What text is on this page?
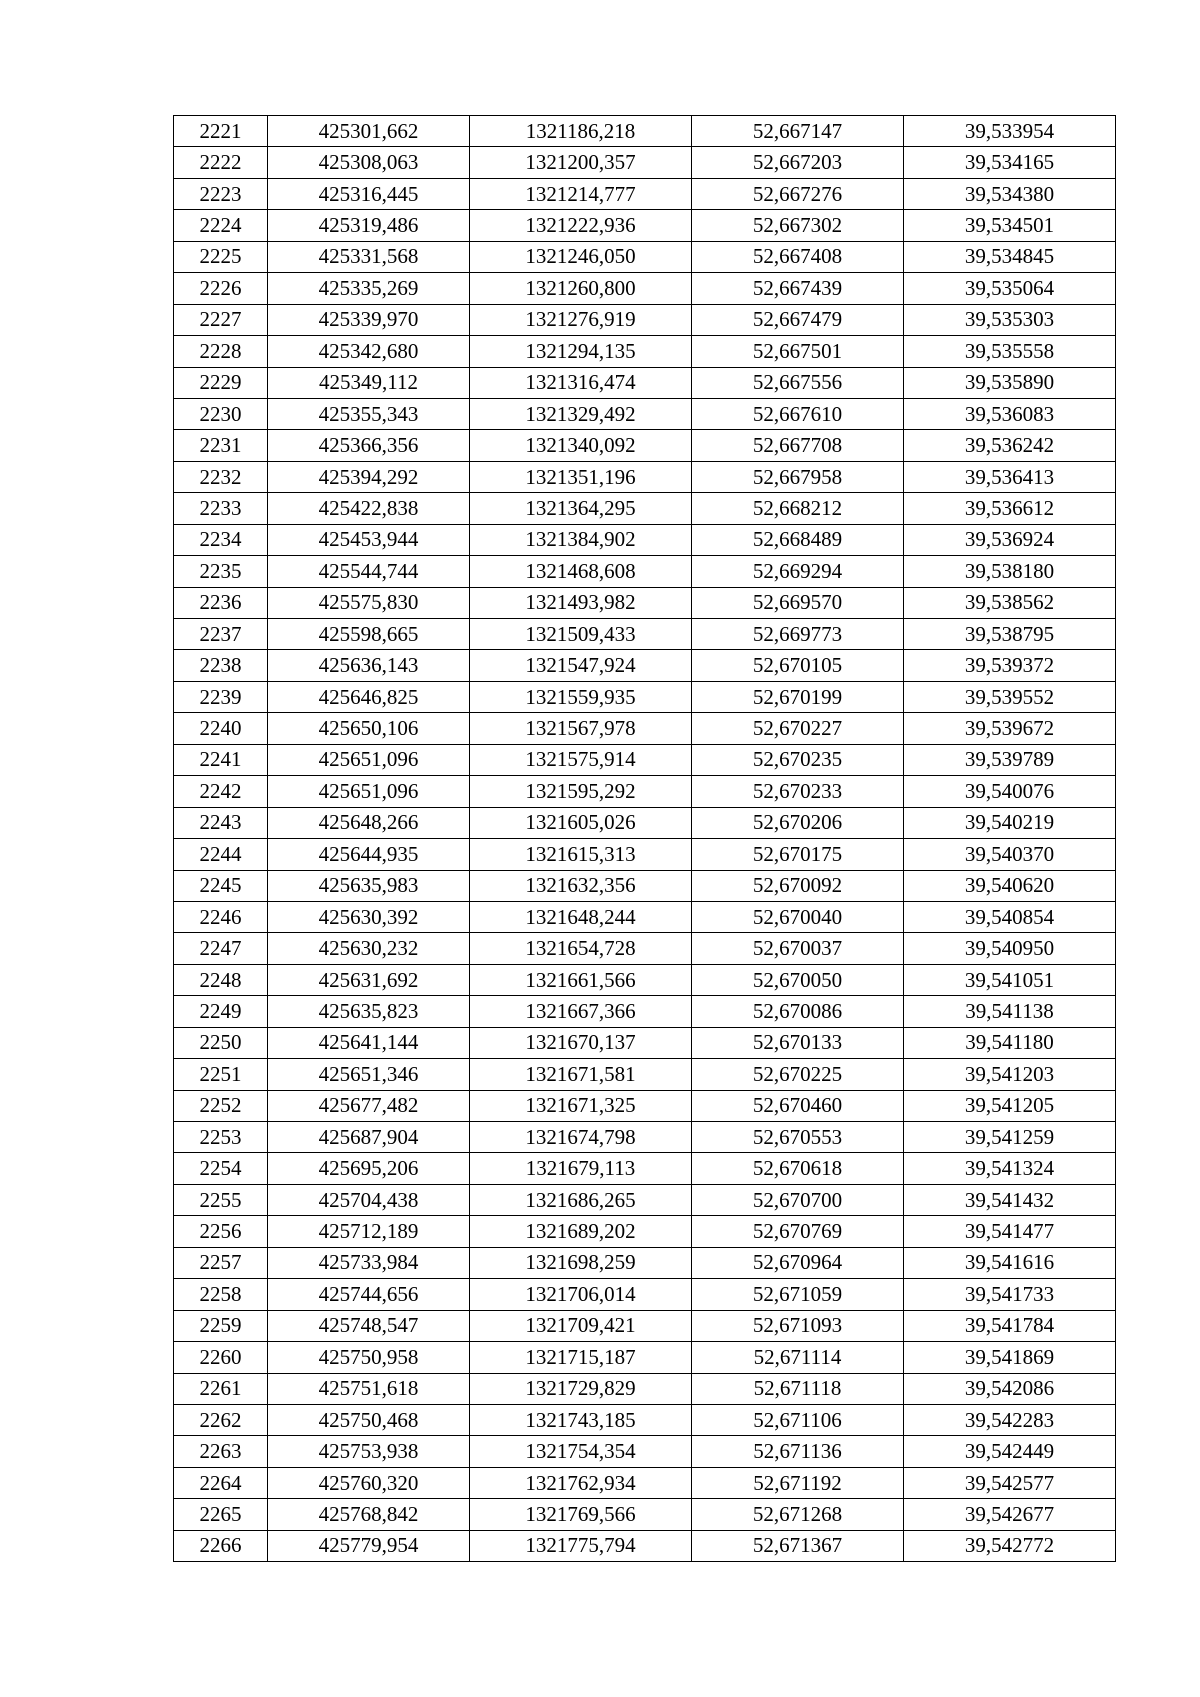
2221	425301,662	1321186,218	52,667147	39,533954
2222	425308,063	1321200,357	52,667203	39,534165
2223	425316,445	1321214,777	52,667276	39,534380
2224	425319,486	1321222,936	52,667302	39,534501
2225	425331,568	1321246,050	52,667408	39,534845
2226	425335,269	1321260,800	52,667439	39,535064
2227	425339,970	1321276,919	52,667479	39,535303
2228	425342,680	1321294,135	52,667501	39,535558
2229	425349,112	1321316,474	52,667556	39,535890
2230	425355,343	1321329,492	52,667610	39,536083
2231	425366,356	1321340,092	52,667708	39,536242
2232	425394,292	1321351,196	52,667958	39,536413
2233	425422,838	1321364,295	52,668212	39,536612
2234	425453,944	1321384,902	52,668489	39,536924
2235	425544,744	1321468,608	52,669294	39,538180
2236	425575,830	1321493,982	52,669570	39,538562
2237	425598,665	1321509,433	52,669773	39,538795
2238	425636,143	1321547,924	52,670105	39,539372
2239	425646,825	1321559,935	52,670199	39,539552
2240	425650,106	1321567,978	52,670227	39,539672
2241	425651,096	1321575,914	52,670235	39,539789
2242	425651,096	1321595,292	52,670233	39,540076
2243	425648,266	1321605,026	52,670206	39,540219
2244	425644,935	1321615,313	52,670175	39,540370
2245	425635,983	1321632,356	52,670092	39,540620
2246	425630,392	1321648,244	52,670040	39,540854
2247	425630,232	1321654,728	52,670037	39,540950
2248	425631,692	1321661,566	52,670050	39,541051
2249	425635,823	1321667,366	52,670086	39,541138
2250	425641,144	1321670,137	52,670133	39,541180
2251	425651,346	1321671,581	52,670225	39,541203
2252	425677,482	1321671,325	52,670460	39,541205
2253	425687,904	1321674,798	52,670553	39,541259
2254	425695,206	1321679,113	52,670618	39,541324
2255	425704,438	1321686,265	52,670700	39,541432
2256	425712,189	1321689,202	52,670769	39,541477
2257	425733,984	1321698,259	52,670964	39,541616
2258	425744,656	1321706,014	52,671059	39,541733
2259	425748,547	1321709,421	52,671093	39,541784
2260	425750,958	1321715,187	52,671114	39,541869
2261	425751,618	1321729,829	52,671118	39,542086
2262	425750,468	1321743,185	52,671106	39,542283
2263	425753,938	1321754,354	52,671136	39,542449
2264	425760,320	1321762,934	52,671192	39,542577
2265	425768,842	1321769,566	52,671268	39,542677
2266	425779,954	1321775,794	52,671367	39,542772
